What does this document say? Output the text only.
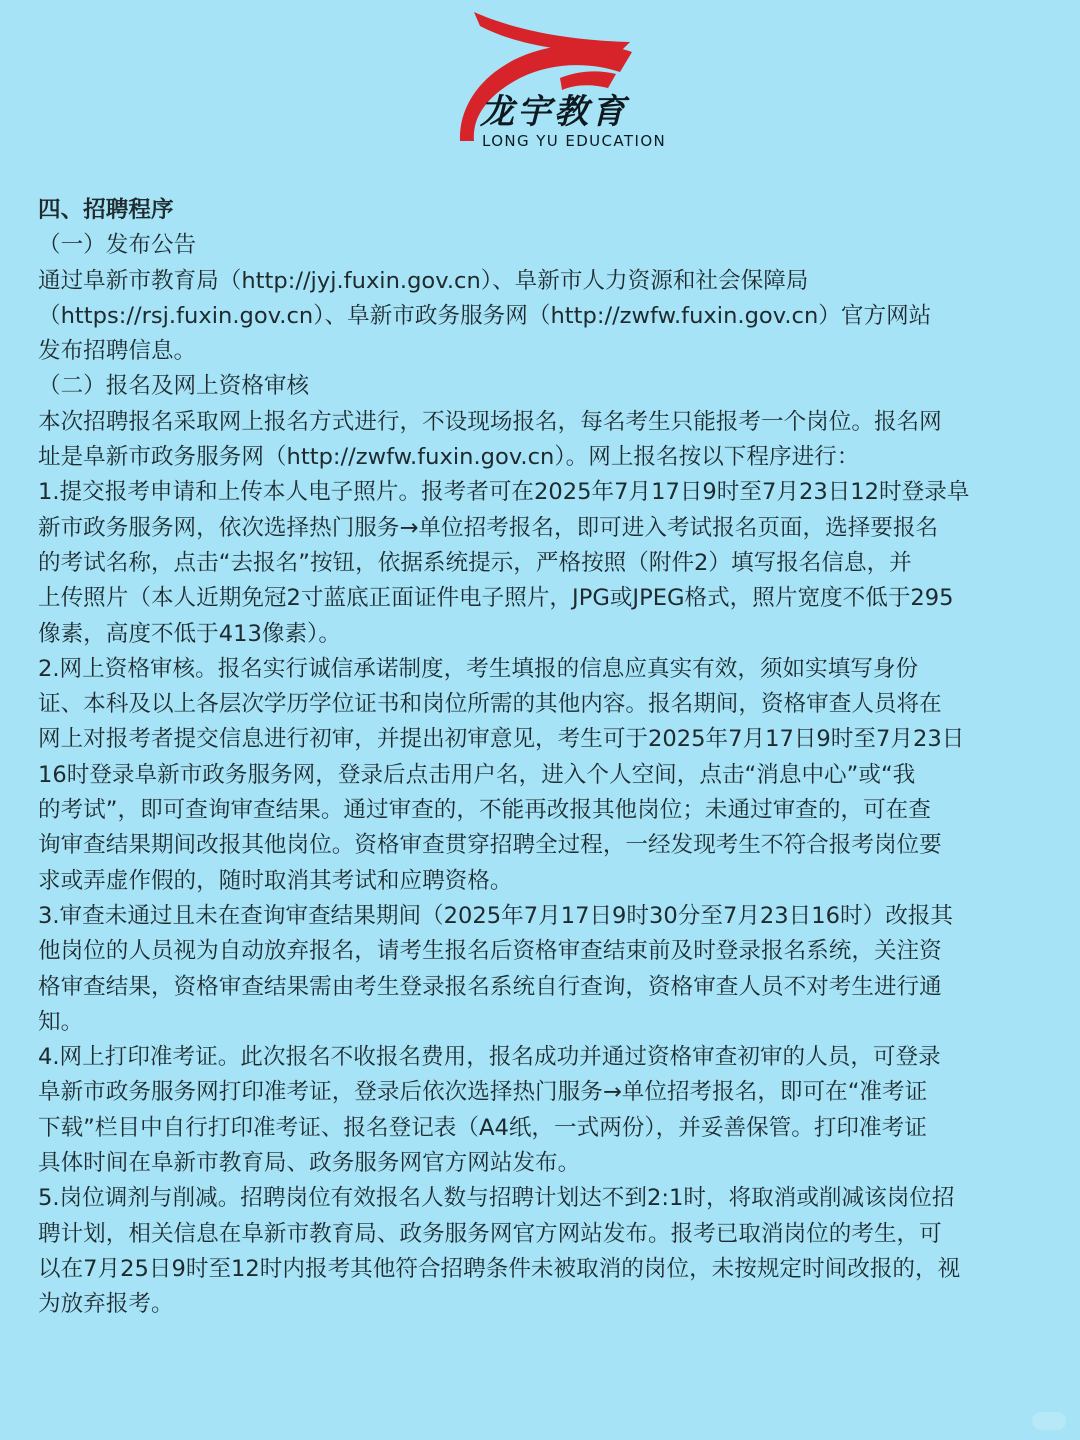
龙宇教育
LONG YU EDUCATION

四、招聘程序

（一）发布公告

通过阜新市教育局（http://jyj.fuxin.gov.cn）、阜新市人力资源和社会保障局

（https://rsj.fuxin.gov.cn）、阜新市政务服务网（http://zwfw.fuxin.gov.cn）官方网站

发布招聘信息。

（二）报名及网上资格审核

本次招聘报名采取网上报名方式进行，不设现场报名，每名考生只能报考一个岗位。报名网

址是阜新市政务服务网（http://zwfw.fuxin.gov.cn）。网上报名按以下程序进行：

1.提交报考申请和上传本人电子照片。报考者可在2025年7月17日9时至7月23日12时登录阜

新市政务服务网，依次选择热门服务→单位招考报名，即可进入考试报名页面，选择要报名

的考试名称，点击“去报名”按钮，依据系统提示，严格按照（附件2）填写报名信息，并

上传照片（本人近期免冠2寸蓝底正面证件电子照片，JPG或JPEG格式，照片宽度不低于295

像素，高度不低于413像素）。

2.网上资格审核。报名实行诚信承诺制度，考生填报的信息应真实有效，须如实填写身份

证、本科及以上各层次学历学位证书和岗位所需的其他内容。报名期间，资格审查人员将在

网上对报考者提交信息进行初审，并提出初审意见，考生可于2025年7月17日9时至7月23日

16时登录阜新市政务服务网，登录后点击用户名，进入个人空间，点击“消息中心”或“我

的考试”，即可查询审查结果。通过审查的，不能再改报其他岗位；未通过审查的，可在查

询审查结果期间改报其他岗位。资格审查贯穿招聘全过程，一经发现考生不符合报考岗位要

求或弄虚作假的，随时取消其考试和应聘资格。

3.审查未通过且未在查询审查结果期间（2025年7月17日9时30分至7月23日16时）改报其

他岗位的人员视为自动放弃报名，请考生报名后资格审查结束前及时登录报名系统，关注资

格审查结果，资格审查结果需由考生登录报名系统自行查询，资格审查人员不对考生进行通

知。

4.网上打印准考证。此次报名不收报名费用，报名成功并通过资格审查初审的人员，可登录

阜新市政务服务网打印准考证，登录后依次选择热门服务→单位招考报名，即可在“准考证

下载”栏目中自行打印准考证、报名登记表（A4纸，一式两份），并妥善保管。打印准考证

具体时间在阜新市教育局、政务服务网官方网站发布。

5.岗位调剂与削减。招聘岗位有效报名人数与招聘计划达不到2:1时，将取消或削减该岗位招

聘计划，相关信息在阜新市教育局、政务服务网官方网站发布。报考已取消岗位的考生，可

以在7月25日9时至12时内报考其他符合招聘条件未被取消的岗位，未按规定时间改报的，视

为放弃报考。
